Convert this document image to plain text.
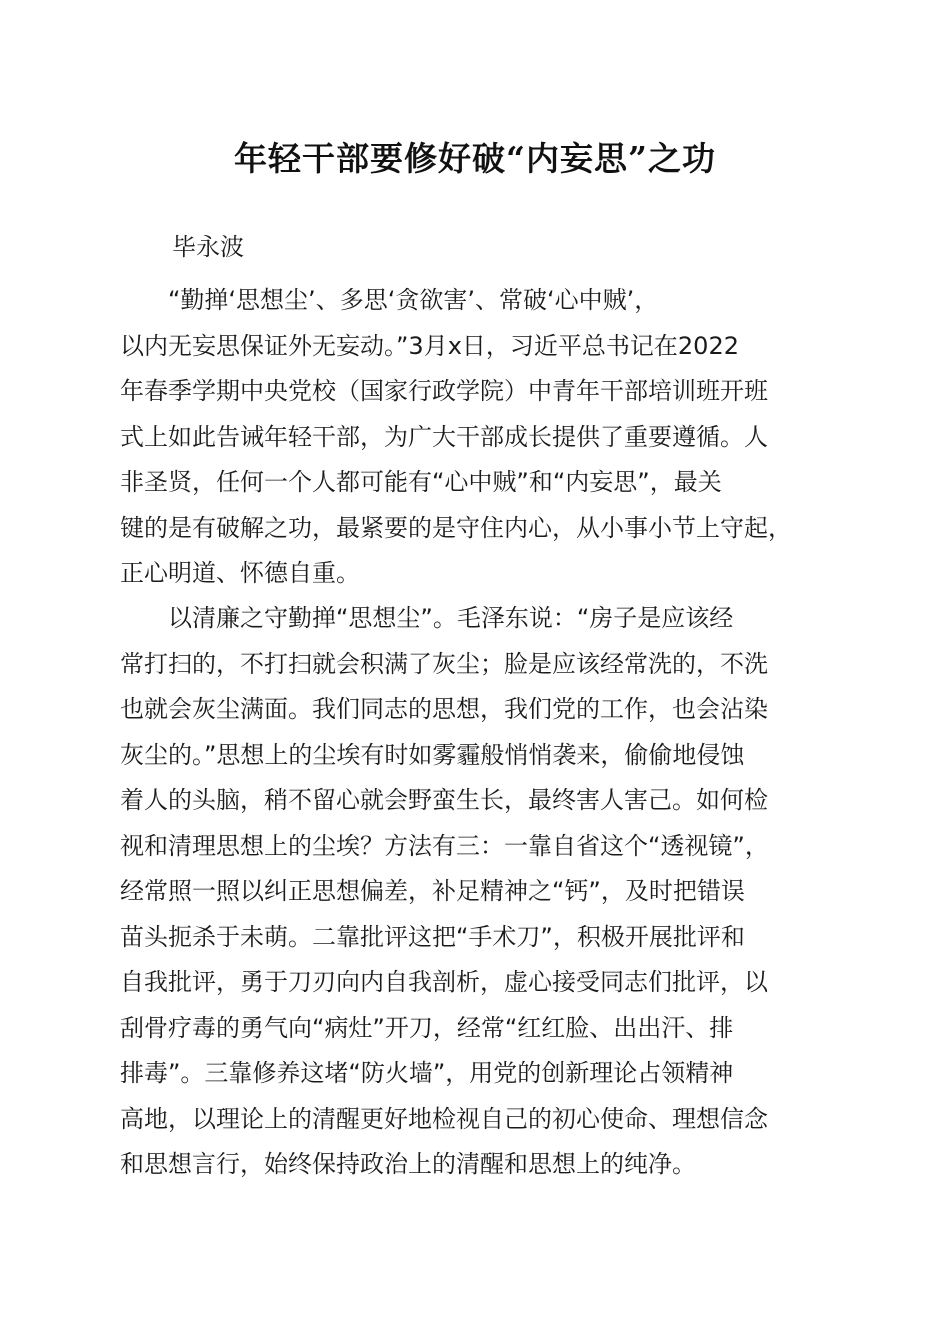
年轻干部要修好破“内妄思”之功
毕永波
　　“勤掸‘思想尘’、多思‘贪欲害’、常破‘心中贼’，
以内无妄思保证外无妄动。”3月x日，习近平总书记在2022
年春季学期中央党校（国家行政学院）中青年干部培训班开班
式上如此告诫年轻干部，为广大干部成长提供了重要遵循。人
非圣贤，任何一个人都可能有“心中贼”和“内妄思”，最关
键的是有破解之功，最紧要的是守住内心，从小事小节上守起，
正心明道、怀德自重。
　　以清廉之守勤掸“思想尘”。毛泽东说：“房子是应该经
常打扫的，不打扫就会积满了灰尘；脸是应该经常洗的，不洗
也就会灰尘满面。我们同志的思想，我们党的工作，也会沾染
灰尘的。”思想上的尘埃有时如雾霾般悄悄袭来，偷偷地侵蚀
着人的头脑，稍不留心就会野蛮生长，最终害人害己。如何检
视和清理思想上的尘埃？方法有三：一靠自省这个“透视镜”，
经常照一照以纠正思想偏差，补足精神之“钙”，及时把错误
苗头扼杀于未萌。二靠批评这把“手术刀”，积极开展批评和
自我批评，勇于刀刃向内自我剖析，虚心接受同志们批评，以
刮骨疗毒的勇气向“病灶”开刀，经常“红红脸、出出汗、排
排毒”。三靠修养这堵“防火墙”，用党的创新理论占领精神
高地，以理论上的清醒更好地检视自己的初心使命、理想信念
和思想言行，始终保持政治上的清醒和思想上的纯净。
